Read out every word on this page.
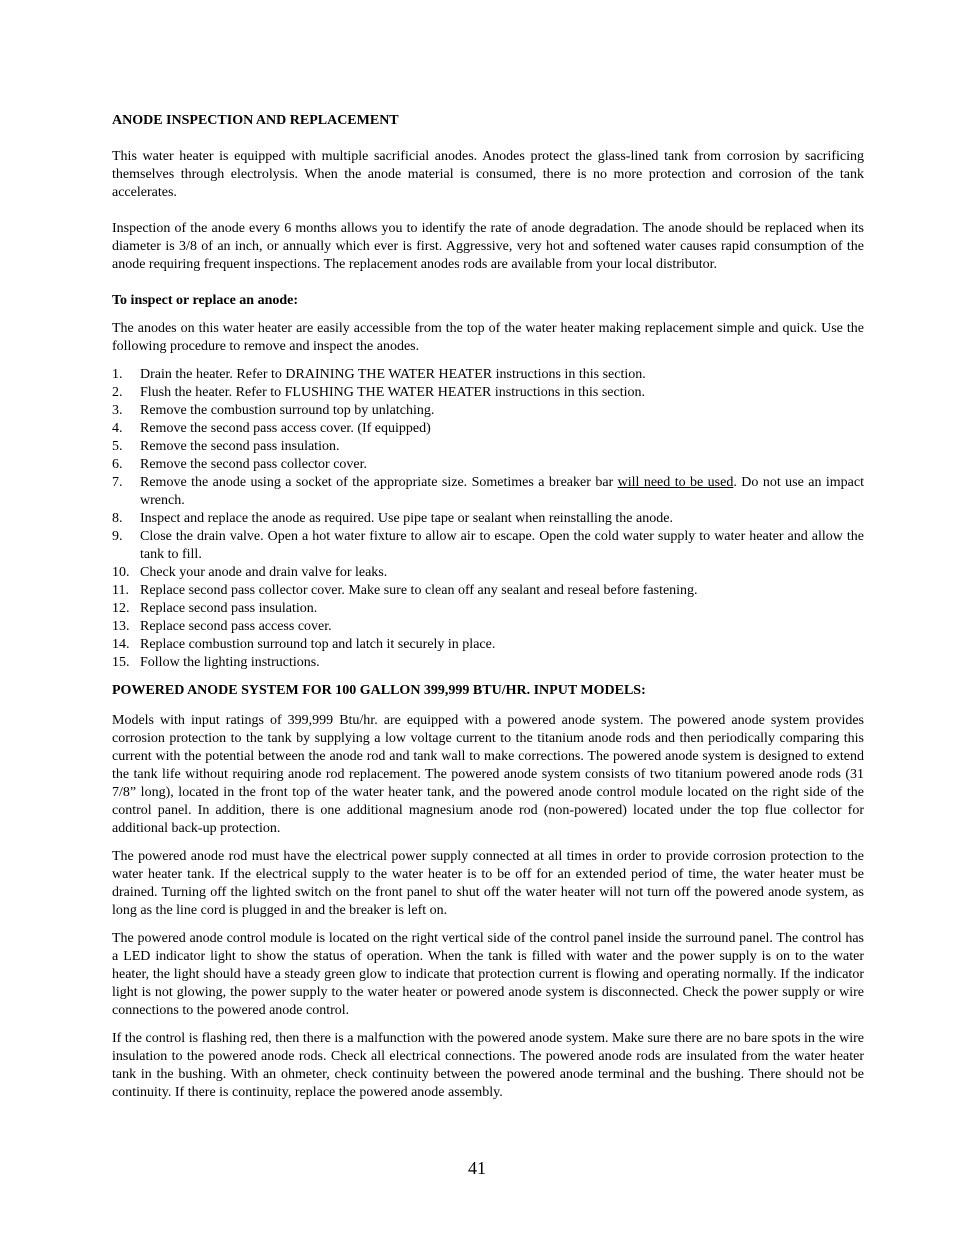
ANODE INSPECTION AND REPLACEMENT

This water heater is equipped with multiple sacrificial anodes. Anodes protect the glass-lined tank from corrosion by sacrificing themselves through electrolysis. When the anode material is consumed, there is no more protection and corrosion of the tank accelerates.

Inspection of the anode every 6 months allows you to identify the rate of anode degradation. The anode should be replaced when its diameter is 3/8 of an inch, or annually which ever is first. Aggressive, very hot and softened water causes rapid consumption of the anode requiring frequent inspections. The replacement anodes rods are available from your local distributor.

To inspect or replace an anode:

The anodes on this water heater are easily accessible from the top of the water heater making replacement simple and quick. Use the following procedure to remove and inspect the anodes.

1.	Drain the heater. Refer to DRAINING THE WATER HEATER instructions in this section.
2.	Flush the heater. Refer to FLUSHING THE WATER HEATER instructions in this section.
3.	Remove the combustion surround top by unlatching.
4.	Remove the second pass access cover. (If equipped)
5.	Remove the second pass insulation.
6.	Remove the second pass collector cover.
7.	Remove the anode using a socket of the appropriate size. Sometimes a breaker bar will need to be used. Do not use an impact wrench.
8.	Inspect and replace the anode as required. Use pipe tape or sealant when reinstalling the anode.
9.	Close the drain valve. Open a hot water fixture to allow air to escape. Open the cold water supply to water heater and allow the tank to fill.
10. Check your anode and drain valve for leaks.
11. Replace second pass collector cover. Make sure to clean off any sealant and reseal before fastening.
12. Replace second pass insulation.
13. Replace second pass access cover.
14. Replace combustion surround top and latch it securely in place.
15. Follow the lighting instructions.
POWERED ANODE SYSTEM FOR 100 GALLON 399,999 BTU/HR. INPUT MODELS:

Models with input ratings of 399,999 Btu/hr. are equipped with a powered anode system. The powered anode system provides corrosion protection to the tank by supplying a low voltage current to the titanium anode rods and then periodically comparing this current with the potential between the anode rod and tank wall to make corrections. The powered anode system is designed to extend the tank life without requiring anode rod replacement. The powered anode system consists of two titanium powered anode rods (31 7/8” long), located in the front top of the water heater tank, and the powered anode control module located on the right side of the control panel. In addition, there is one additional magnesium anode rod (non-powered) located under the top flue collector for additional back-up protection.

The powered anode rod must have the electrical power supply connected at all times in order to provide corrosion protection to the water heater tank. If the electrical supply to the water heater is to be off for an extended period of time, the water heater must be drained. Turning off the lighted switch on the front panel to shut off the water heater will not turn off the powered anode system, as long as the line cord is plugged in and the breaker is left on.

The powered anode control module is located on the right vertical side of the control panel inside the surround panel. The control has a LED indicator light to show the status of operation. When the tank is filled with water and the power supply is on to the water heater, the light should have a steady green glow to indicate that protection current is flowing and operating normally. If the indicator light is not glowing, the power supply to the water heater or powered anode system is disconnected. Check the power supply or wire connections to the powered anode control.

If the control is flashing red, then there is a malfunction with the powered anode system. Make sure there are no bare spots in the wire insulation to the powered anode rods. Check all electrical connections. The powered anode rods are insulated from the water heater tank in the bushing. With an ohmeter, check continuity between the powered anode terminal and the bushing. There should not be continuity. If there is continuity, replace the powered anode assembly.

41
